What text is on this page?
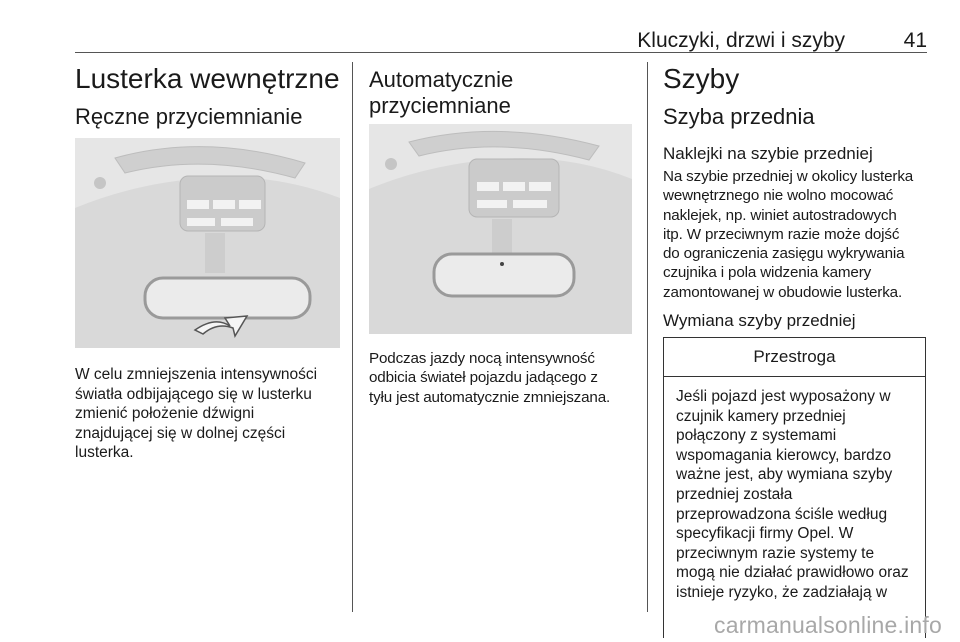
Kluczyki, drzwi i szyby	41
Lusterka wewnętrzne
Ręczne przyciemnianie
W celu zmniejszenia intensywności
światła odbijającego się w lusterku
zmienić położenie dźwigni
znajdującej się w dolnej części
lusterka.
Automatycznie
przyciemniane
Podczas jazdy nocą intensywność
odbicia świateł pojazdu jadącego z
tyłu jest automatycznie zmniejszana.
Szyby
Szyba przednia
Naklejki na szybie przedniej
Na szybie przedniej w okolicy lusterka
wewnętrznego nie wolno mocować
naklejek, np. winiet autostradowych
itp. W przeciwnym razie może dojść
do ograniczenia zasięgu wykrywania
czujnika i pola widzenia kamery
zamontowanej w obudowie lusterka.
Wymiana szyby przedniej
Przestroga
Jeśli pojazd jest wyposażony w
czujnik kamery przedniej
połączony z systemami
wspomagania kierowcy, bardzo
ważne jest, aby wymiana szyby
przedniej została
przeprowadzona ściśle według
specyfikacji firmy Opel. W
przeciwnym razie systemy te
mogą nie działać prawidłowo oraz
istnieje ryzyko, że zadziałają w
carmanualsonline.info
